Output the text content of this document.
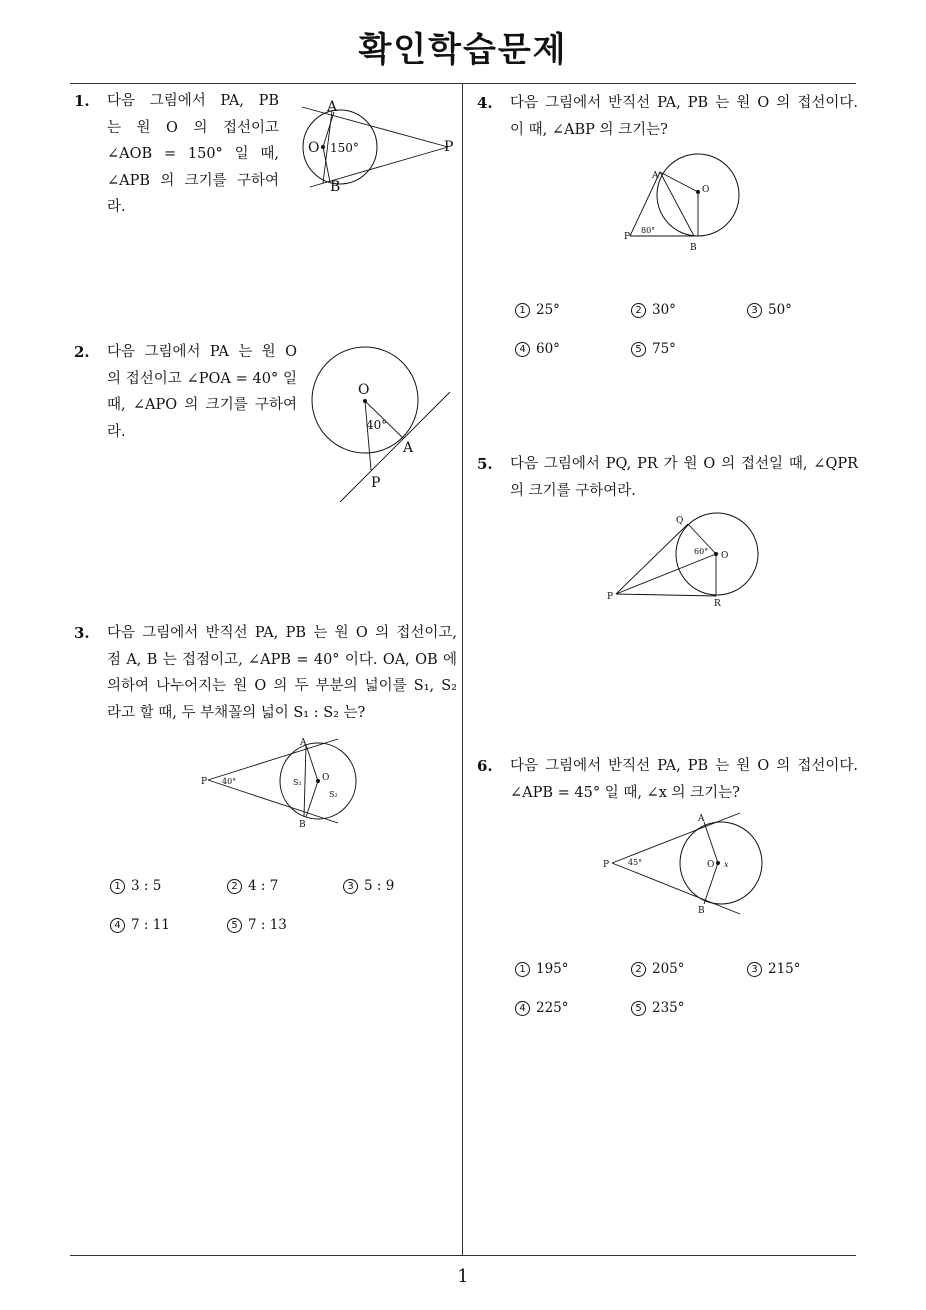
확인학습문제
1
1. 다음 그림에서 PA, PB
는 원 O 의 접선이고
∠AOB = 150° 일 때,
∠APB 의 크기를 구하여
라.
A
B
O	P
150°
2. 다음 그림에서 PA 는 원 O
의 접선이고 ∠POA = 40° 일
때, ∠APO 의 크기를 구하여
라.
O
A
P
40°
3. 다음 그림에서 반직선 PA, PB 는 원 O 의 접선이고,
점 A, B 는 접점이고, ∠APB = 40° 이다. OA, OB 에
의하여 나누어지는 원 O 의 두 부분의 넓이를 S₁, S₂
라고 할 때, 두 부채꼴의 넓이 S₁ : S₂ 는?
A
B
O
P 40°	S₁
S₂
1 3 : 5	2 4 : 7	3 5 : 9
4 7 : 11	5 7 : 13
4. 다음 그림에서 반직선 PA, PB 는 원 O 의 접선이다.
이 때, ∠ABP 의 크기는?
A
B
O
P
80°
1 25°	2 30°	3 50°
4 60°	5 75°
5. 다음 그림에서 PQ, PR 가 원 O 의 접선일 때, ∠QPR
의 크기를 구하여라.
Q
R
O
P
60°
6. 다음 그림에서 반직선 PA, PB 는 원 O 의 접선이다.
∠APB = 45° 일 때, ∠x 의 크기는?
A
B
O
P 45°	x
1 195°	2 205°	3 215°
4 225°	5 235°
